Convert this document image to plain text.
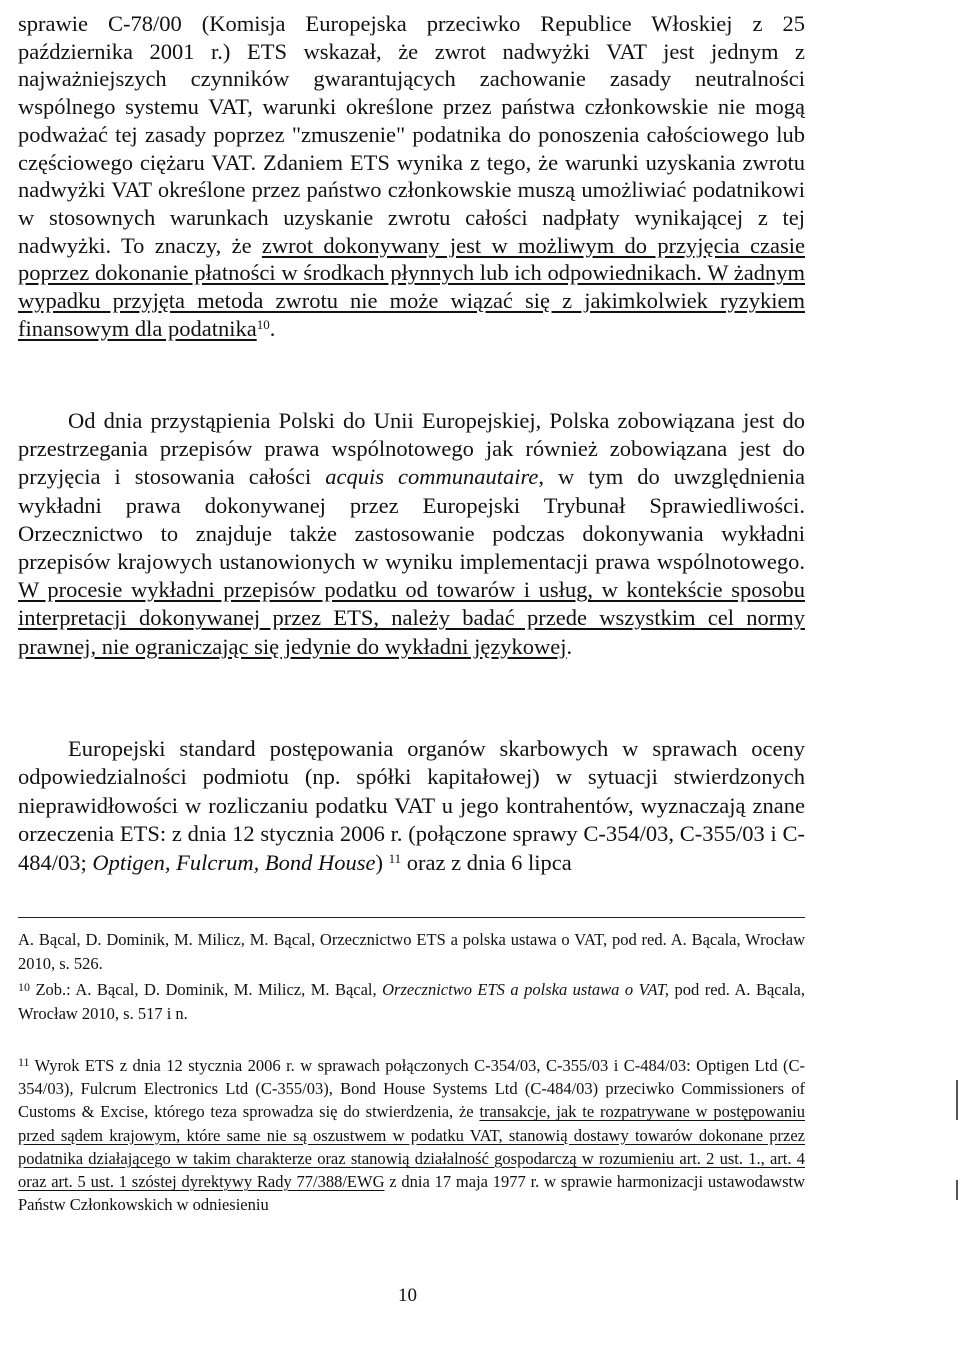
sprawie C-78/00 (Komisja Europejska przeciwko Republice Włoskiej z 25 października 2001 r.) ETS wskazał, że zwrot nadwyżki VAT jest jednym z najważniejszych czynników gwarantujących zachowanie zasady neutralności wspólnego systemu VAT, warunki określone przez państwa członkowskie nie mogą podważać tej zasady poprzez "zmuszenie" podatnika do ponoszenia całościowego lub częściowego ciężaru VAT. Zdaniem ETS wynika z tego, że warunki uzyskania zwrotu nadwyżki VAT określone przez państwo członkowskie muszą umożliwiać podatnikowi w stosownych warunkach uzyskanie zwrotu całości nadpłaty wynikającej z tej nadwyżki. To znaczy, że zwrot dokonywany jest w możliwym do przyjęcia czasie poprzez dokonanie płatności w środkach płynnych lub ich odpowiednikach. W żadnym wypadku przyjęta metoda zwrotu nie może wiązać się z jakimkolwiek ryzykiem finansowym dla podatnika$^{10}$.

Od dnia przystąpienia Polski do Unii Europejskiej, Polska zobowiązana jest do przestrzegania przepisów prawa wspólnotowego jak również zobowiązana jest do przyjęcia i stosowania całości acquis communautaire, w tym do uwzględnienia wykładni prawa dokonywanej przez Europejski Trybunał Sprawiedliwości. Orzecznictwo to znajduje także zastosowanie podczas dokonywania wykładni przepisów krajowych ustanowionych w wyniku implementacji prawa wspólnotowego. W procesie wykładni przepisów podatku od towarów i usług, w kontekście sposobu interpretacji dokonywanej przez ETS, należy badać przede wszystkim cel normy prawnej, nie ograniczając się jedynie do wykładni językowej.

Europejski standard postępowania organów skarbowych w sprawach oceny odpowiedzialności podmiotu (np. spółki kapitałowej) w sytuacji stwierdzonych nieprawidłowości w rozliczaniu podatku VAT u jego kontrahentów, wyznaczają znane orzeczenia ETS: z dnia 12 stycznia 2006 r. (połączone sprawy C-354/03, C-355/03 i C-484/03; Optigen, Fulcrum, Bond House) $^{11}$ oraz z dnia 6 lipca

A. Bącal, D. Dominik, M. Milicz, M. Bącal, Orzecznictwo ETS a polska ustawa o VAT, pod red. A. Bącala, Wrocław 2010, s. 526.

$^{10}$ Zob.: A. Bącal, D. Dominik, M. Milicz, M. Bącal, Orzecznictwo ETS a polska ustawa o VAT, pod red. A. Bącala, Wrocław 2010, s. 517 i n.

$^{11}$ Wyrok ETS z dnia 12 stycznia 2006 r. w sprawach połączonych C-354/03, C-355/03 i C-484/03: Optigen Ltd (C-354/03), Fulcrum Electronics Ltd (C-355/03), Bond House Systems Ltd (C-484/03) przeciwko Commissioners of Customs & Excise, którego teza sprowadza się do stwierdzenia, że transakcje, jak te rozpatrywane w postępowaniu przed sądem krajowym, które same nie są oszustwem w podatku VAT, stanowią dostawy towarów dokonane przez podatnika działającego w takim charakterze oraz stanowią działalność gospodarczą w rozumieniu art. 2 ust. 1., art. 4 oraz art. 5 ust. 1 szóstej dyrektywy Rady 77/388/EWG z dnia 17 maja 1977 r. w sprawie harmonizacji ustawodawstw Państw Członkowskich w odniesieniu

10
